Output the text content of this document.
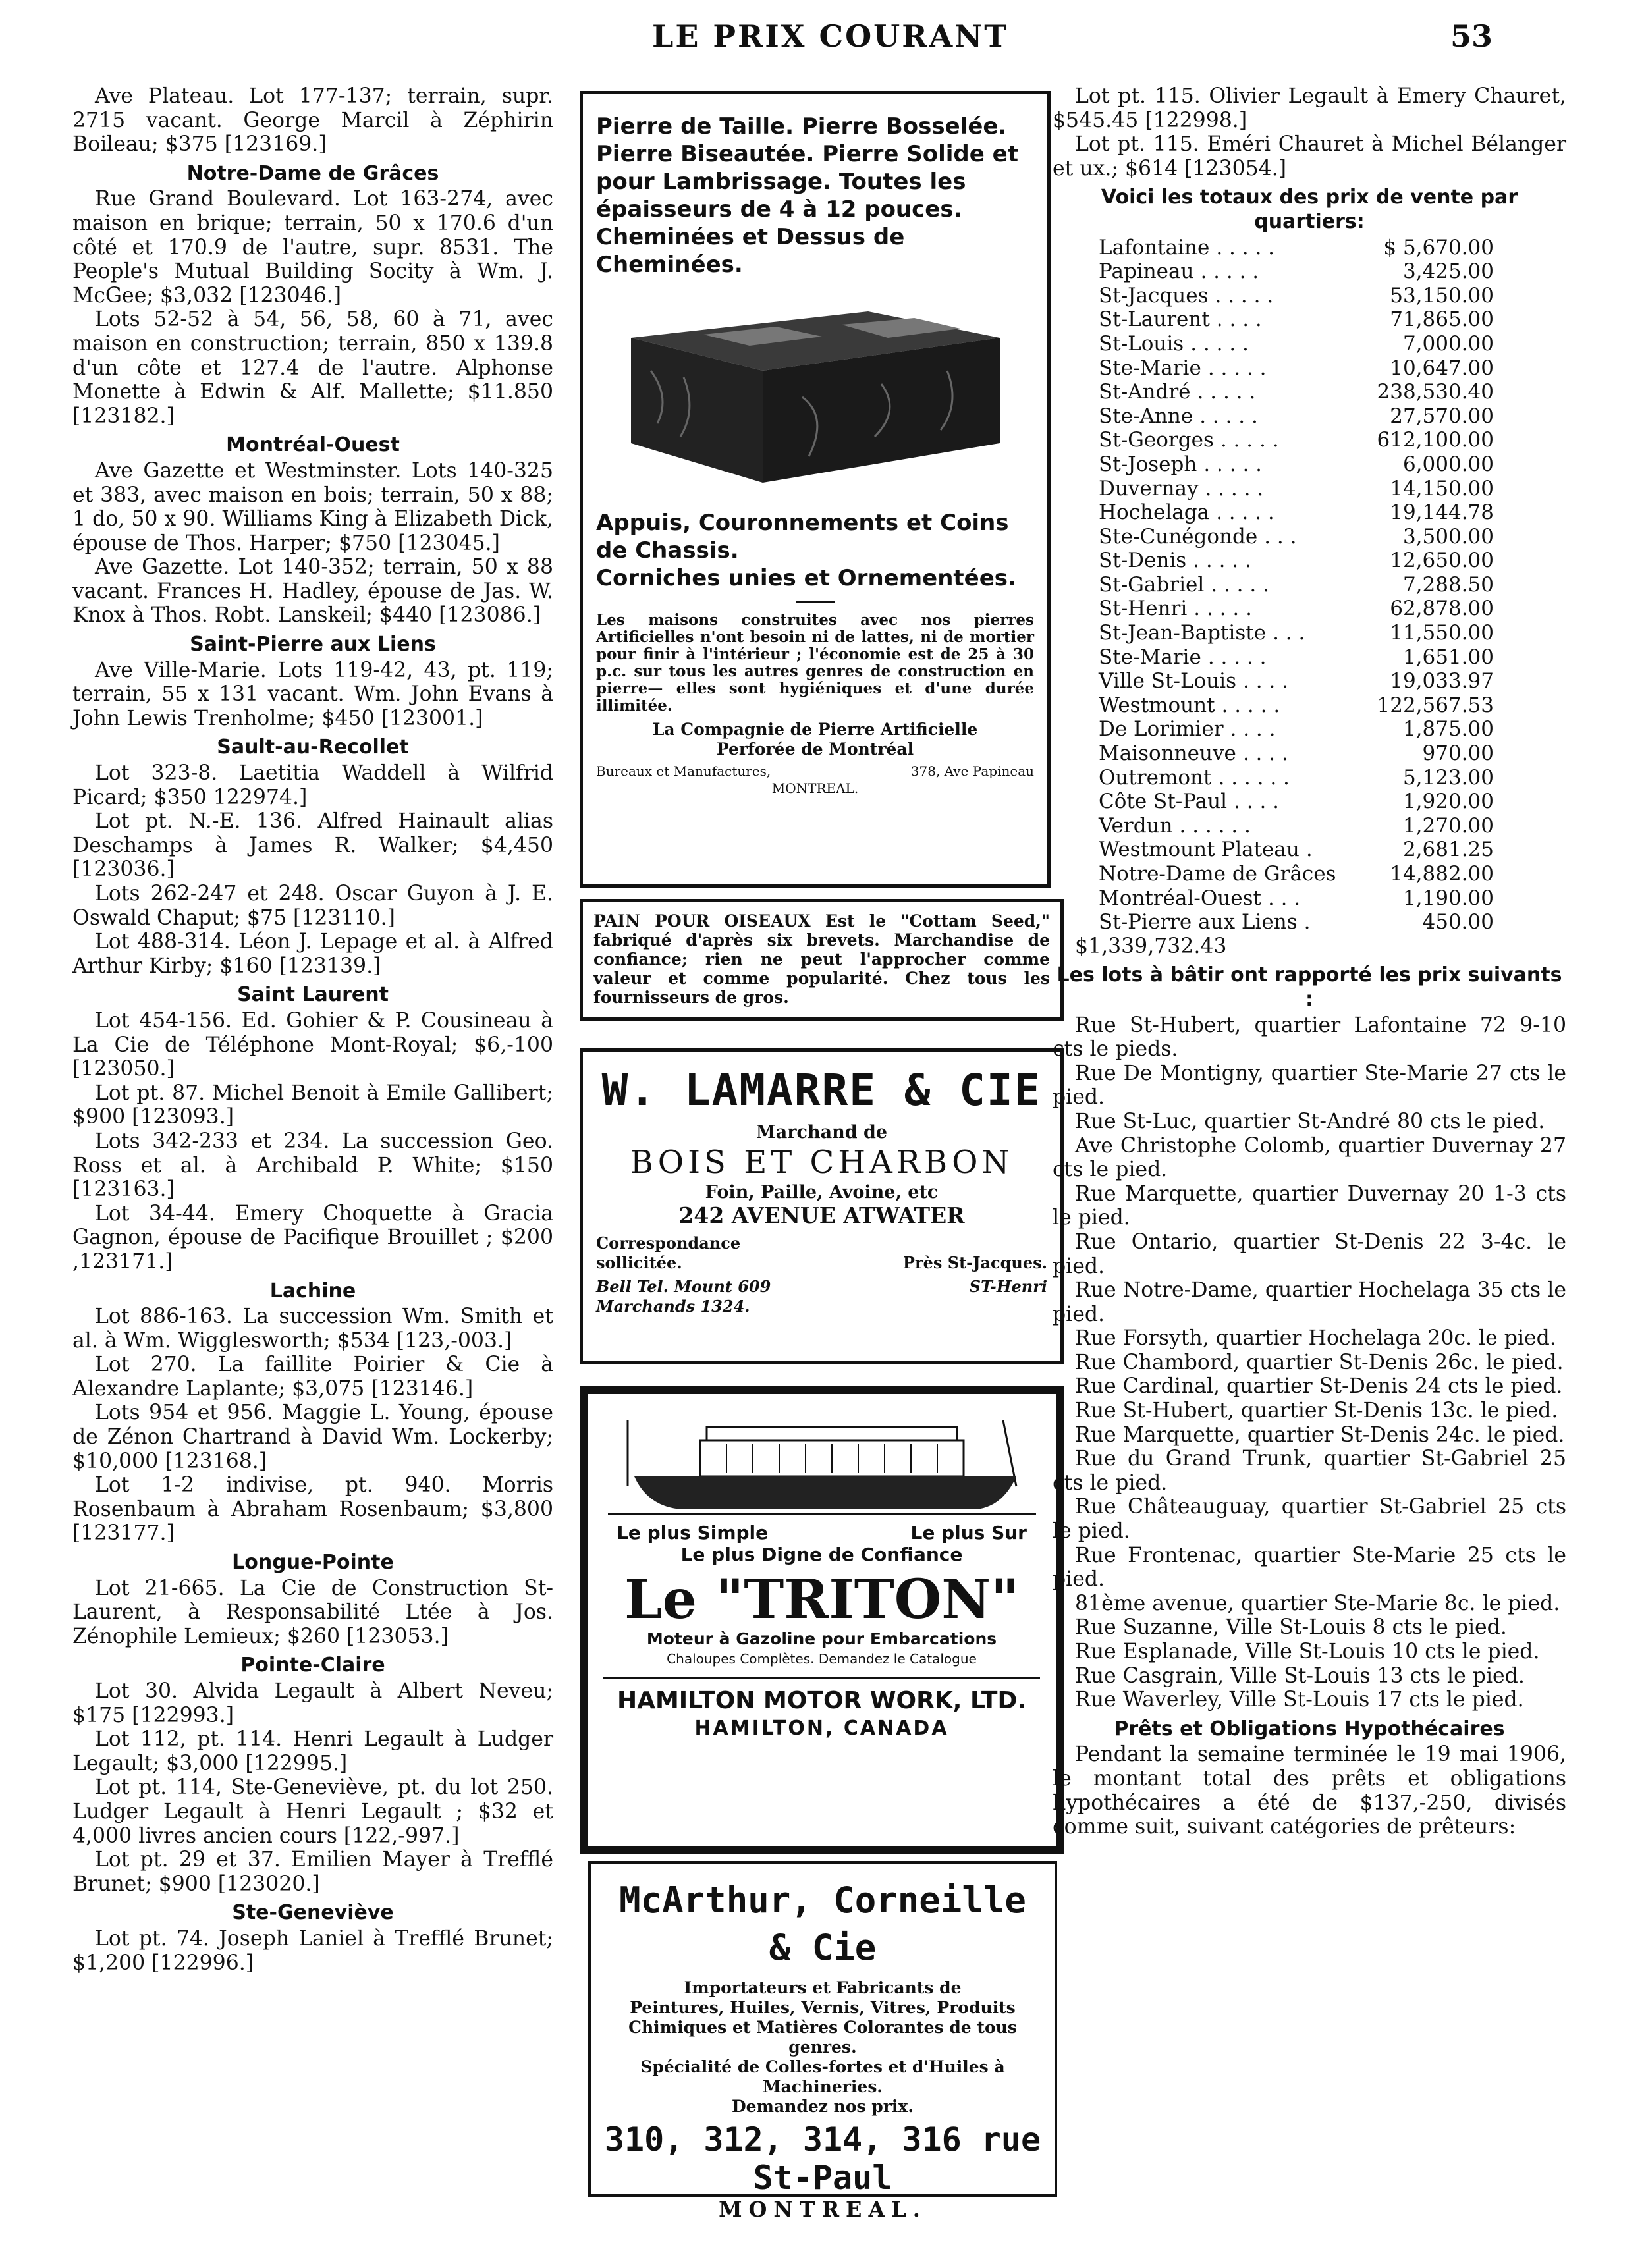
LE PRIX COURANT	53

Ave Plateau. Lot 177-137; terrain, supr. 2715 vacant. George Marcil à Zéphirin Boileau; $375 [123169.]

Notre-Dame de Grâces

Rue Grand Boulevard. Lot 163-274, avec maison en brique; terrain, 50 x 170.6 d'un côté et 170.9 de l'autre, supr. 8531. The People's Mutual Building Socity à Wm. J. McGee; $3,032 [123046.]

Lots 52-52 à 54, 56, 58, 60 à 71, avec maison en construction; terrain, 850 x 139.8 d'un côte et 127.4 de l'autre. Alphonse Monette à Edwin & Alf. Mallette; $11.850 [123182.]

Montréal-Ouest

Ave Gazette et Westminster. Lots 140-325 et 383, avec maison en bois; terrain, 50 x 88; 1 do, 50 x 90. Williams King à Elizabeth Dick, épouse de Thos. Harper; $750 [123045.]

Ave Gazette. Lot 140-352; terrain, 50 x 88 vacant. Frances H. Hadley, épouse de Jas. W. Knox à Thos. Robt. Lanskeil; $440 [123086.]

Saint-Pierre aux Liens

Ave Ville-Marie. Lots 119-42, 43, pt. 119; terrain, 55 x 131 vacant. Wm. John Evans à John Lewis Trenholme; $450 [123001.]

Sault-au-Recollet

Lot 323-8. Laetitia Waddell à Wilfrid Picard; $350 122974.]

Lot pt. N.-E. 136. Alfred Hainault alias Deschamps à James R. Walker; $4,450 [123036.]

Lots 262-247 et 248. Oscar Guyon à J. E. Oswald Chaput; $75 [123110.]

Lot 488-314. Léon J. Lepage et al. à Alfred Arthur Kirby; $160 [123139.]

Saint Laurent

Lot 454-156. Ed. Gohier & P. Cousineau à La Cie de Téléphone Mont-Royal; $6,-100 [123050.]

Lot pt. 87. Michel Benoit à Emile Gallibert; $900 [123093.]

Lots 342-233 et 234. La succession Geo. Ross et al. à Archibald P. White; $150 [123163.]

Lot 34-44. Emery Choquette à Gracia Gagnon, épouse de Pacifique Brouillet ; $200 ,123171.]

Lachine

Lot 886-163. La succession Wm. Smith et al. à Wm. Wigglesworth; $534 [123,-003.]

Lot 270. La faillite Poirier & Cie à Alexandre Laplante; $3,075 [123146.]

Lots 954 et 956. Maggie L. Young, épouse de Zénon Chartrand à David Wm. Lockerby; $10,000 [123168.]

Lot 1-2 indivise, pt. 940. Morris Rosenbaum à Abraham Rosenbaum; $3,800 [123177.]

Longue-Pointe

Lot 21-665. La Cie de Construction St-Laurent, à Responsabilité Ltée à Jos. Zénophile Lemieux; $260 [123053.]

Pointe-Claire

Lot 30. Alvida Legault à Albert Neveu; $175 [122993.]

Lot 112, pt. 114. Henri Legault à Ludger Legault; $3,000 [122995.]

Lot pt. 114, Ste-Geneviève, pt. du lot 250. Ludger Legault à Henri Legault ; $32 et 4,000 livres ancien cours [122,-997.]

Lot pt. 29 et 37. Emilien Mayer à Trefflé Brunet; $900 [123020.]

Ste-Geneviève

Lot pt. 74. Joseph Laniel à Trefflé Brunet; $1,200 [122996.]

Pierre de Taille. Pierre Bosselée.

Pierre Biseautée. Pierre Solide et pour Lambrissage. Toutes les épaisseurs de 4 à 12 pouces.

Cheminées et Dessus de Cheminées.

Appuis, Couronnements et Coins de Chassis.

Corniches unies et Ornementées.

Les maisons construites avec nos pierres Artificielles n'ont besoin ni de lattes, ni de mortier pour finir à l'intérieur ; l'économie est de 25 à 30 p.c. sur tous les autres genres de construction en pierre— elles sont hygiéniques et d'une durée illimitée.

La Compagnie de Pierre Artificielle

Perforée de Montréal

Bureaux et Manufactures,	378, Ave Papineau
MONTREAL.
PAIN POUR OISEAUX Est le "Cottam Seed," fabriqué d'après six brevets. Marchandise de confiance; rien ne peut l'approcher comme valeur et comme popularité. Chez tous les fournisseurs de gros.

W. LAMARRE & CIE

Marchand de

BOIS ET CHARBON

Foin, Paille, Avoine, etc

242 AVENUE ATWATER

Correspondance sollicitée.	Près St-Jacques.
Bell Tel. Mount 609	ST-Henri
Marchands 1324.
Le plus Simple	Le plus Sur

Le plus Digne de Confiance

Le "TRITON"

Moteur à Gazoline pour Embarcations

Chaloupes Complètes. Demandez le Catalogue

HAMILTON MOTOR WORK, LTD.

HAMILTON, CANADA

McArthur, Corneille & Cie

Importateurs et Fabricants de

Peintures, Huiles, Vernis, Vitres, Produits Chimiques et Matières Colorantes de tous genres.

Spécialité de Colles-fortes et d'Huiles à Machineries.

Demandez nos prix.

310, 312, 314, 316 rue St-Paul

MONTREAL.

Lot pt. 115. Olivier Legault à Emery Chauret, $545.45 [122998.]

Lot pt. 115. Eméri Chauret à Michel Bélanger et ux.; $614 [123054.]

Voici les totaux des prix de vente par quartiers:
Lafontaine . . . . .	$ 5,670.00
Papineau . . . . .	3,425.00
St-Jacques . . . . .	53,150.00
St-Laurent . . . .	71,865.00
St-Louis . . . . .	7,000.00
Ste-Marie . . . . .	10,647.00
St-André . . . . .	238,530.40
Ste-Anne . . . . .	27,570.00
St-Georges . . . . .	612,100.00
St-Joseph . . . . .	6,000.00
Duvernay . . . . .	14,150.00
Hochelaga . . . . .	19,144.78
Ste-Cunégonde . . .	3,500.00
St-Denis . . . . .	12,650.00
St-Gabriel . . . . .	7,288.50
St-Henri . . . . .	62,878.00
St-Jean-Baptiste . . .	11,550.00
Ste-Marie . . . . .	1,651.00
Ville St-Louis . . . .	19,033.97
Westmount . . . . .	122,567.53
De Lorimier . . . .	1,875.00
Maisonneuve . . . .	970.00
Outremont . . . . . .	5,123.00
Côte St-Paul . . . .	1,920.00
Verdun . . . . . .	1,270.00
Westmount Plateau .	2,681.25
Notre-Dame de Grâces	14,882.00
Montréal-Ouest . . .	1,190.00
St-Pierre aux Liens .	450.00

$1,339,732.43

Les lots à bâtir ont rapporté les prix suivants :

Rue St-Hubert, quartier Lafontaine 72 9-10 cts le pieds.

Rue De Montigny, quartier Ste-Marie 27 cts le pied.

Rue St-Luc, quartier St-André 80 cts le pied.

Ave Christophe Colomb, quartier Duvernay 27 cts le pied.

Rue Marquette, quartier Duvernay 20 1-3 cts le pied.

Rue Ontario, quartier St-Denis 22 3-4c. le pied.

Rue Notre-Dame, quartier Hochelaga 35 cts le pied.

Rue Forsyth, quartier Hochelaga 20c. le pied.

Rue Chambord, quartier St-Denis 26c. le pied.

Rue Cardinal, quartier St-Denis 24 cts le pied.

Rue St-Hubert, quartier St-Denis 13c. le pied.

Rue Marquette, quartier St-Denis 24c. le pied.

Rue du Grand Trunk, quartier St-Gabriel 25 cts le pied.

Rue Châteauguay, quartier St-Gabriel 25 cts le pied.

Rue Frontenac, quartier Ste-Marie 25 cts le pied.

81ème avenue, quartier Ste-Marie 8c. le pied.

Rue Suzanne, Ville St-Louis 8 cts le pied.

Rue Esplanade, Ville St-Louis 10 cts le pied.

Rue Casgrain, Ville St-Louis 13 cts le pied.

Rue Waverley, Ville St-Louis 17 cts le pied.

Prêts et Obligations Hypothécaires

Pendant la semaine terminée le 19 mai 1906, le montant total des prêts et obligations hypothécaires a été de $137,-250, divisés comme suit, suivant catégories de prêteurs:
